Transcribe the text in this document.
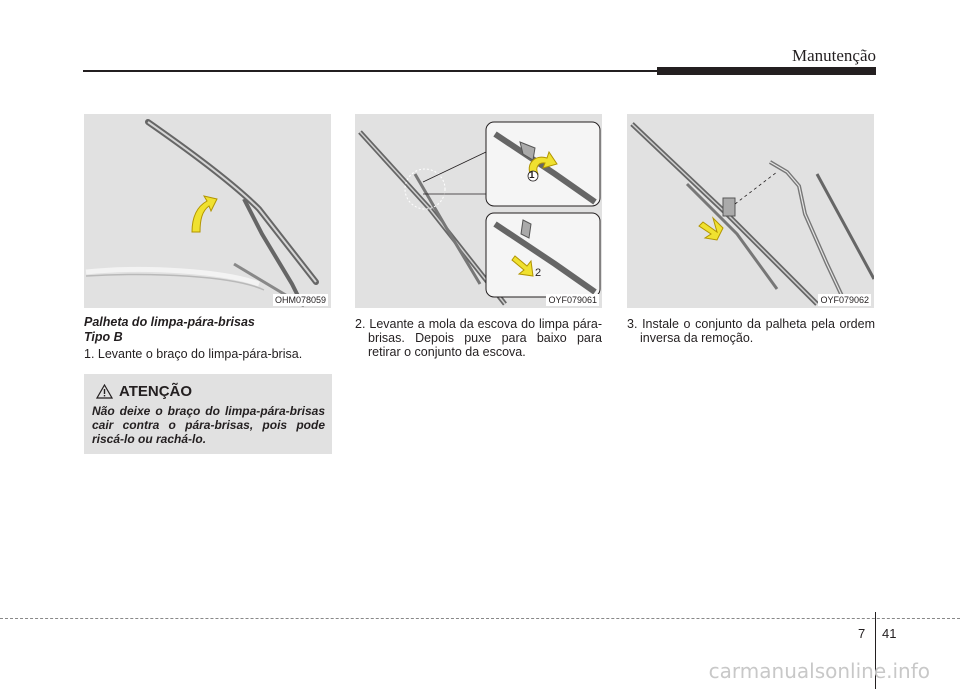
Manutenção
OHM078059
1
2
OYF079061	OYF079062

Palheta do limpa-pára-brisas

Tipo B

1. Levante o braço do limpa-pára-brisa.

ATENÇÃO
Não deixe o braço do limpa-pára-brisas cair contra o pára-brisas, pois pode riscá-lo ou rachá-lo.

2. Levante a mola da escova do limpa pára-brisas. Depois puxe para baixo para retirar o conjunto da escova.

3. Instale o conjunto da palheta pela ordem inversa da remoção.

7 41
carmanualsonline.info
